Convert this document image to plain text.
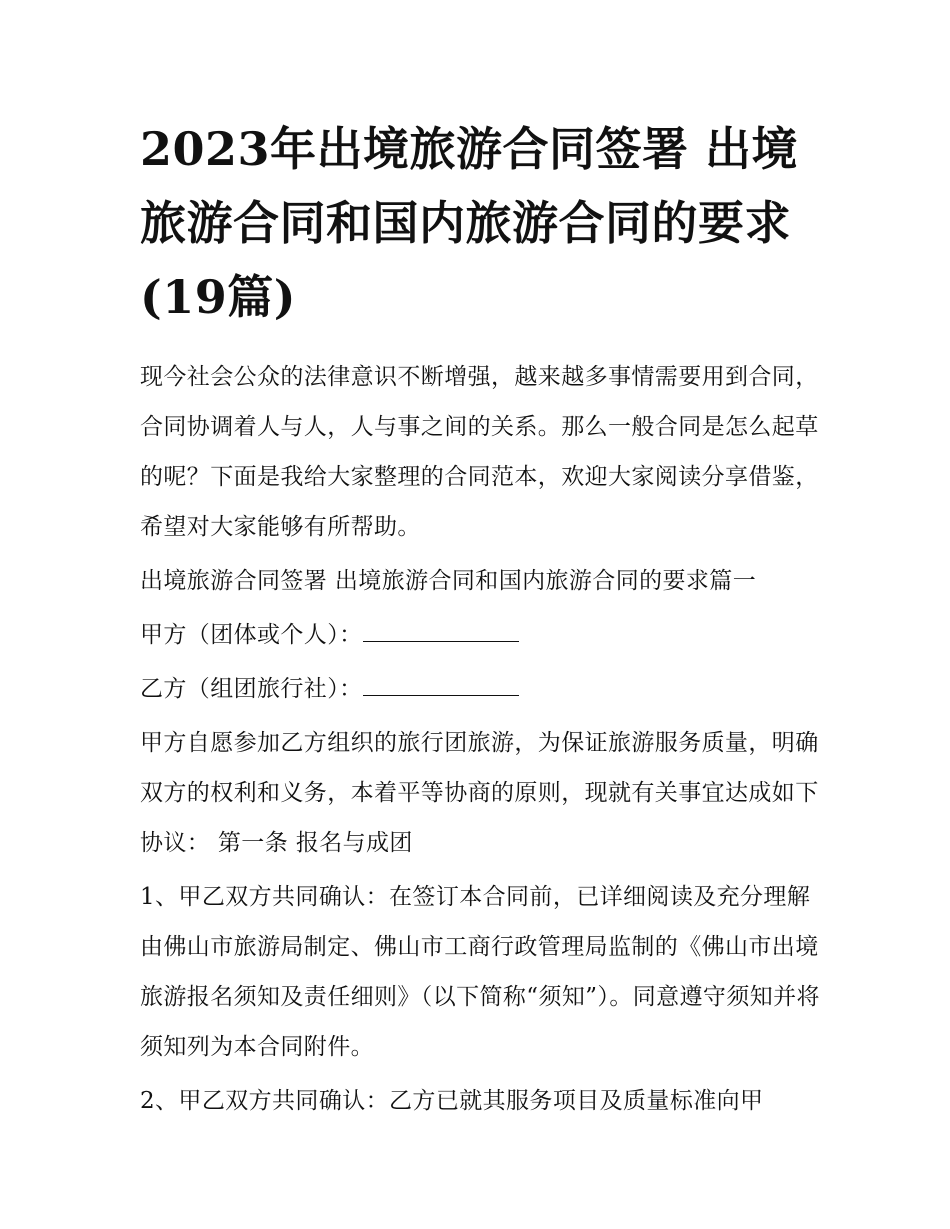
2023年出境旅游合同签署 出境旅游合同和国内旅游合同的要求(19篇)

现今社会公众的法律意识不断增强，越来越多事情需要用到合同，合同协调着人与人，人与事之间的关系。那么一般合同是怎么起草的呢？下面是我给大家整理的合同范本，欢迎大家阅读分享借鉴，希望对大家能够有所帮助。

出境旅游合同签署 出境旅游合同和国内旅游合同的要求篇一

甲方（团体或个人）：

乙方（组团旅行社）：

甲方自愿参加乙方组织的旅行团旅游，为保证旅游服务质量，明确双方的权利和义务，本着平等协商的原则，现就有关事宜达成如下协议： 第一条 报名与成团

1、甲乙双方共同确认：在签订本合同前，已详细阅读及充分理解由佛山市旅游局制定、佛山市工商行政管理局监制的《佛山市出境旅游报名须知及责任细则》（以下简称“须知”）。同意遵守须知并将须知列为本合同附件。

2、甲乙双方共同确认：乙方已就其服务项目及质量标准向甲
